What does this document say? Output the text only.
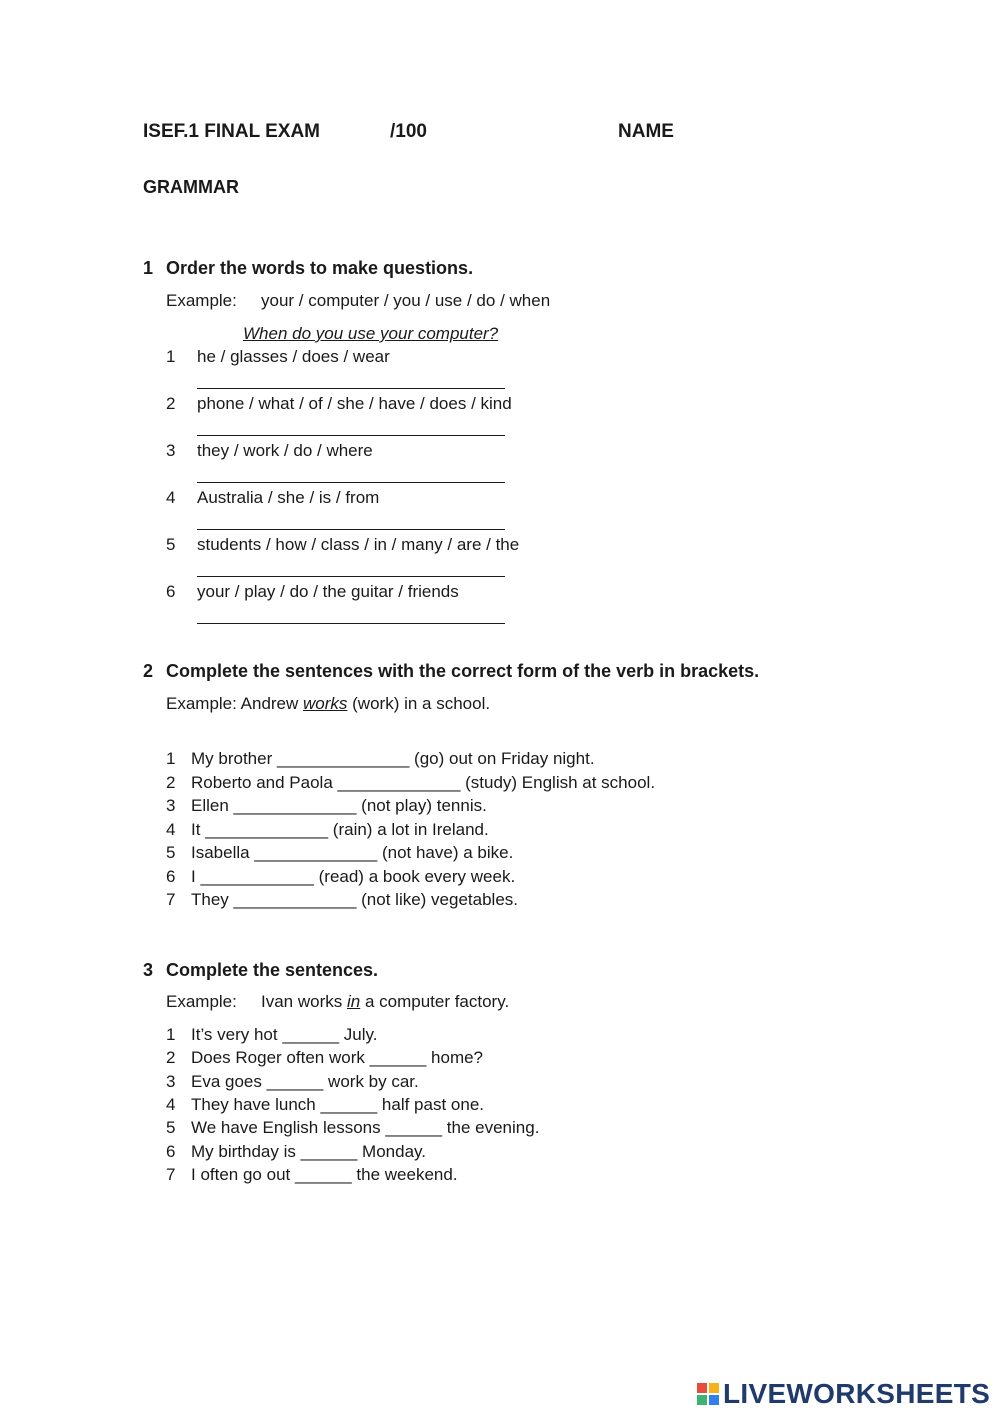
ISEF.1 FINAL EXAM	/100	NAME
GRAMMAR
1 Order the words to make questions.
Example: your / computer / you / use / do / when
When do you use your computer?
1 he / glasses / does / wear
2 phone / what / of / she / have / does / kind
3 they / work / do / where
4 Australia / she / is / from
5 students / how / class / in / many / are / the
6 your / play / do / the guitar / friends
2 Complete the sentences with the correct form of the verb in brackets.
Example: Andrew works (work) in a school.
1 My brother ______________ (go) out on Friday night.
2 Roberto and Paola _____________ (study) English at school.
3 Ellen _____________ (not play) tennis.
4 It _____________ (rain) a lot in Ireland.
5 Isabella _____________ (not have) a bike.
6 I ____________ (read) a book every week.
7 They _____________ (not like) vegetables.
3 Complete the sentences.
Example: Ivan works in a computer factory.
1 It’s very hot ______ July.
2 Does Roger often work ______ home?
3 Eva goes ______ work by car.
4 They have lunch ______ half past one.
5 We have English lessons ______ the evening.
6 My birthday is ______ Monday.
7 I often go out ______ the weekend.
LIVEWORKSHEETS
